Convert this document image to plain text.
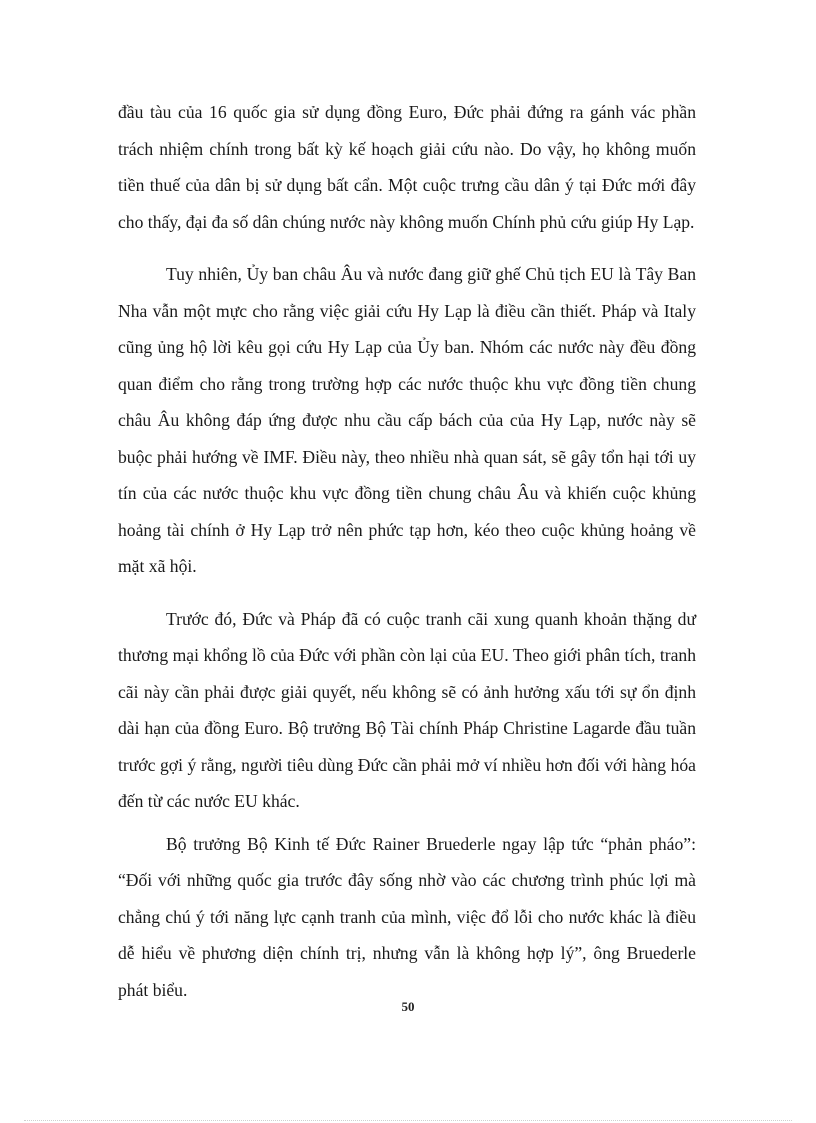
đầu tàu của 16 quốc gia sử dụng đồng Euro, Đức phải đứng ra gánh vác phần trách nhiệm chính trong bất kỳ kế hoạch giải cứu nào. Do vậy, họ không muốn tiền thuế của dân bị sử dụng bất cẩn. Một cuộc trưng cầu dân ý tại Đức mới đây cho thấy, đại đa số dân chúng nước này không muốn Chính phủ cứu giúp Hy Lạp.

Tuy nhiên, Ủy ban châu Âu và nước đang giữ ghế Chủ tịch EU là Tây Ban Nha vẫn một mực cho rằng việc giải cứu Hy Lạp là điều cần thiết. Pháp và Italy cũng ủng hộ lời kêu gọi cứu Hy Lạp của Ủy ban. Nhóm các nước này đều đồng quan điểm cho rằng trong trường hợp các nước thuộc khu vực đồng tiền chung châu Âu không đáp ứng được nhu cầu cấp bách của của Hy Lạp, nước này sẽ buộc phải hướng về IMF. Điều này, theo nhiều nhà quan sát, sẽ gây tổn hại tới uy tín của các nước thuộc khu vực đồng tiền chung châu Âu và khiến cuộc khủng hoảng tài chính ở Hy Lạp trở nên phức tạp hơn, kéo theo cuộc khủng hoảng về mặt xã hội.

Trước đó, Đức và Pháp đã có cuộc tranh cãi xung quanh khoản thặng dư thương mại khổng lồ của Đức với phần còn lại của EU. Theo giới phân tích, tranh cãi này cần phải được giải quyết, nếu không sẽ có ảnh hưởng xấu tới sự ổn định dài hạn của đồng Euro. Bộ trưởng Bộ Tài chính Pháp Christine Lagarde đầu tuần trước gợi ý rằng, người tiêu dùng Đức cần phải mở ví nhiều hơn đối với hàng hóa đến từ các nước EU khác.

Bộ trưởng Bộ Kinh tế Đức Rainer Bruederle ngay lập tức “phản pháo”: “Đối với những quốc gia trước đây sống nhờ vào các chương trình phúc lợi mà chẳng chú ý tới năng lực cạnh tranh của mình, việc đổ lỗi cho nước khác là điều dễ hiểu về phương diện chính trị, nhưng vẫn là không hợp lý”, ông Bruederle phát biểu.

50
